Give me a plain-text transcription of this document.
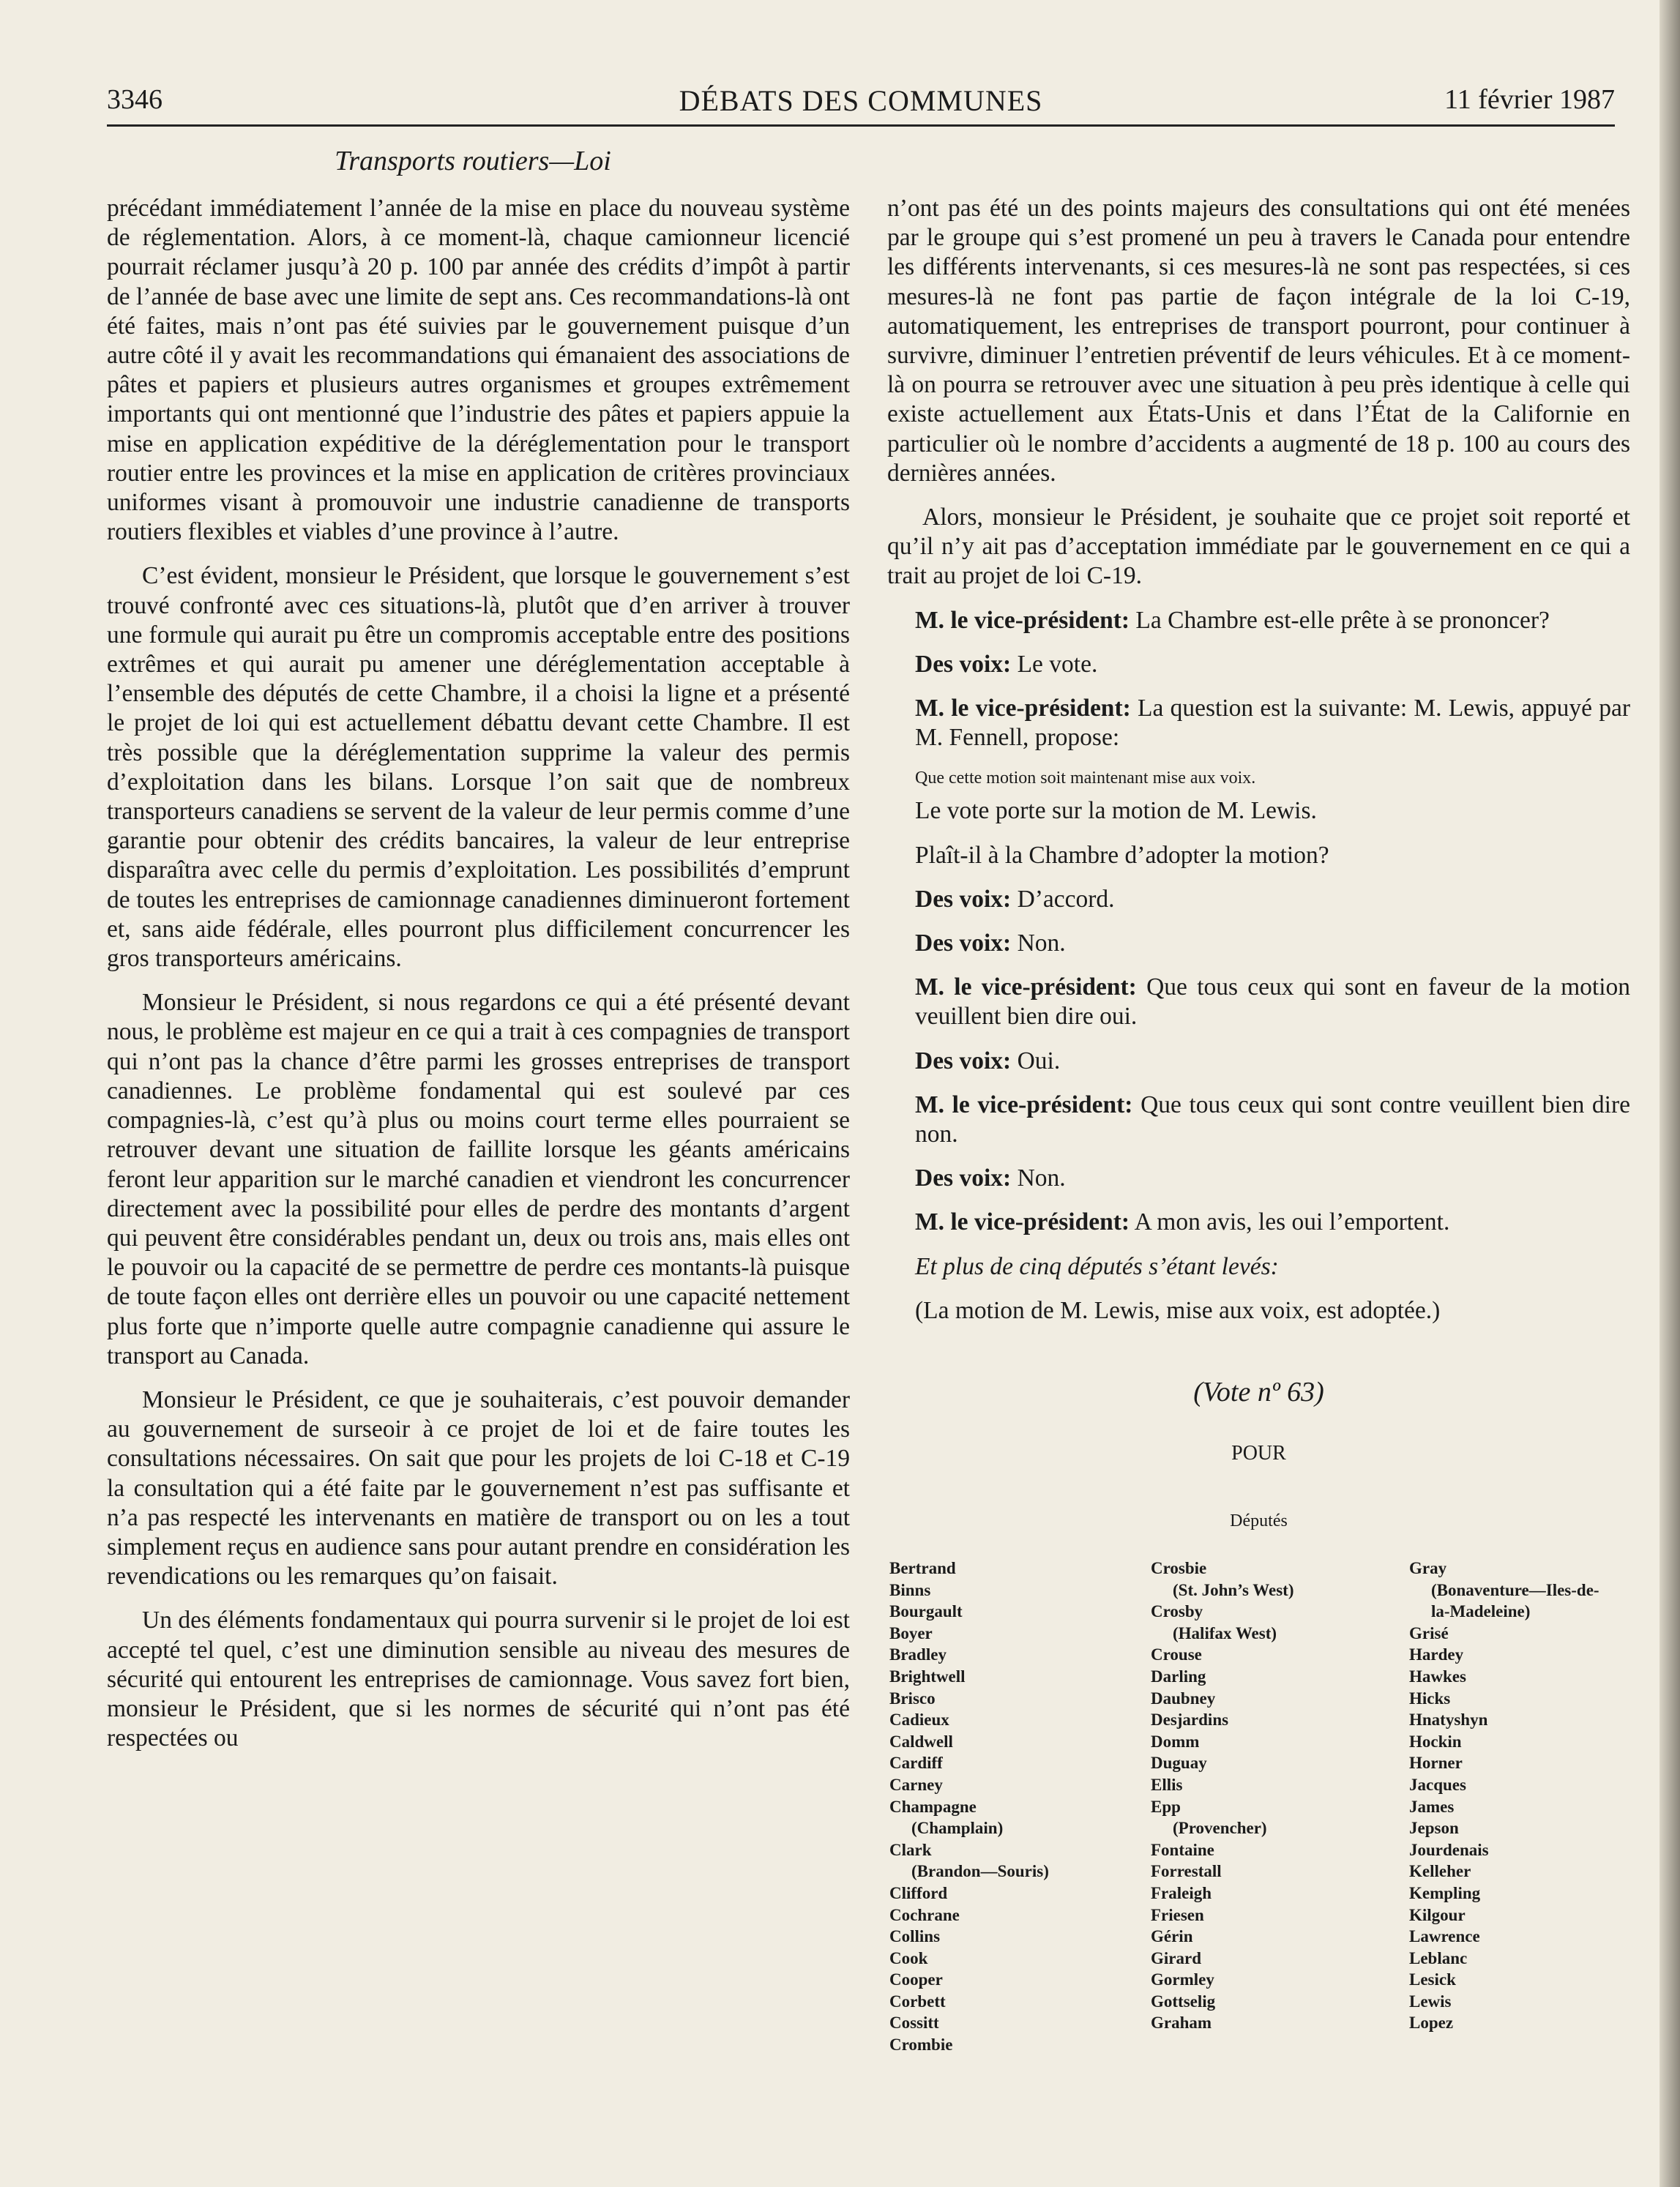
3346	DÉBATS DES COMMUNES	11 février 1987
Transports routiers—Loi

précédant immédiatement l’année de la mise en place du nouveau système de réglementation. Alors, à ce moment-là, chaque camionneur licencié pourrait réclamer jusqu’à 20 p. 100 par année des crédits d’impôt à partir de l’année de base avec une limite de sept ans. Ces recommandations-là ont été faites, mais n’ont pas été suivies par le gouvernement puisque d’un autre côté il y avait les recommandations qui émanaient des associations de pâtes et papiers et plusieurs autres organismes et groupes extrêmement importants qui ont mentionné que l’industrie des pâtes et papiers appuie la mise en application expéditive de la déréglementation pour le transport routier entre les provinces et la mise en application de critères provinciaux uniformes visant à promouvoir une industrie canadienne de transports routiers flexibles et viables d’une province à l’autre.

C’est évident, monsieur le Président, que lorsque le gouvernement s’est trouvé confronté avec ces situations-là, plutôt que d’en arriver à trouver une formule qui aurait pu être un compromis acceptable entre des positions extrêmes et qui aurait pu amener une déréglementation acceptable à l’ensemble des députés de cette Chambre, il a choisi la ligne et a présenté le projet de loi qui est actuellement débattu devant cette Chambre. Il est très possible que la déréglementation supprime la valeur des permis d’exploitation dans les bilans. Lorsque l’on sait que de nombreux transporteurs canadiens se servent de la valeur de leur permis comme d’une garantie pour obtenir des crédits bancaires, la valeur de leur entreprise disparaîtra avec celle du permis d’exploitation. Les possibilités d’emprunt de toutes les entreprises de camionnage canadiennes diminueront fortement et, sans aide fédérale, elles pourront plus difficilement concurrencer les gros transporteurs américains.

Monsieur le Président, si nous regardons ce qui a été présenté devant nous, le problème est majeur en ce qui a trait à ces compagnies de transport qui n’ont pas la chance d’être parmi les grosses entreprises de transport canadiennes. Le problème fondamental qui est soulevé par ces compagnies-là, c’est qu’à plus ou moins court terme elles pourraient se retrouver devant une situation de faillite lorsque les géants américains feront leur apparition sur le marché canadien et viendront les concurrencer directement avec la possibilité pour elles de perdre des montants d’argent qui peuvent être considérables pendant un, deux ou trois ans, mais elles ont le pouvoir ou la capacité de se permettre de perdre ces montants-là puisque de toute façon elles ont derrière elles un pouvoir ou une capacité nettement plus forte que n’importe quelle autre compagnie canadienne qui assure le transport au Canada.

Monsieur le Président, ce que je souhaiterais, c’est pouvoir demander au gouvernement de surseoir à ce projet de loi et de faire toutes les consultations nécessaires. On sait que pour les projets de loi C-18 et C-19 la consultation qui a été faite par le gouvernement n’est pas suffisante et n’a pas respecté les intervenants en matière de transport ou on les a tout simplement reçus en audience sans pour autant prendre en considération les revendications ou les remarques qu’on faisait.

Un des éléments fondamentaux qui pourra survenir si le projet de loi est accepté tel quel, c’est une diminution sensible au niveau des mesures de sécurité qui entourent les entreprises de camionnage. Vous savez fort bien, monsieur le Président, que si les normes de sécurité qui n’ont pas été respectées ou

n’ont pas été un des points majeurs des consultations qui ont été menées par le groupe qui s’est promené un peu à travers le Canada pour entendre les différents intervenants, si ces mesures-là ne sont pas respectées, si ces mesures-là ne font pas partie de façon intégrale de la loi C-19, automatiquement, les entreprises de transport pourront, pour continuer à survivre, diminuer l’entretien préventif de leurs véhicules. Et à ce moment-là on pourra se retrouver avec une situation à peu près identique à celle qui existe actuellement aux États-Unis et dans l’État de la Californie en particulier où le nombre d’accidents a augmenté de 18 p. 100 au cours des dernières années.

Alors, monsieur le Président, je souhaite que ce projet soit reporté et qu’il n’y ait pas d’acceptation immédiate par le gouvernement en ce qui a trait au projet de loi C-19.

M. le vice-président: La Chambre est-elle prête à se prononcer?

Des voix: Le vote.

M. le vice-président: La question est la suivante: M. Lewis, appuyé par M. Fennell, propose:

Que cette motion soit maintenant mise aux voix.

Le vote porte sur la motion de M. Lewis.

Plaît-il à la Chambre d’adopter la motion?

Des voix: D’accord.

Des voix: Non.

M. le vice-président: Que tous ceux qui sont en faveur de la motion veuillent bien dire oui.

Des voix: Oui.

M. le vice-président: Que tous ceux qui sont contre veuillent bien dire non.

Des voix: Non.

M. le vice-président: A mon avis, les oui l’emportent.

Et plus de cinq députés s’étant levés:

(La motion de M. Lewis, mise aux voix, est adoptée.)

(Vote nº 63)
POUR
Députés
Bertrand
Binns
Bourgault
Boyer
Bradley
Brightwell
Brisco
Cadieux
Caldwell
Cardiff
Carney
Champagne
(Champlain)
Clark
(Brandon—Souris)
Clifford
Cochrane
Collins
Cook
Cooper
Corbett
Cossitt
Crombie
Crosbie
(St. John’s West)
Crosby
(Halifax West)
Crouse
Darling
Daubney
Desjardins
Domm
Duguay
Ellis
Epp
(Provencher)
Fontaine
Forrestall
Fraleigh
Friesen
Gérin
Girard
Gormley
Gottselig
Graham
Gray
(Bonaventure—Iles-de-
la-Madeleine)
Grisé
Hardey
Hawkes
Hicks
Hnatyshyn
Hockin
Horner
Jacques
James
Jepson
Jourdenais
Kelleher
Kempling
Kilgour
Lawrence
Leblanc
Lesick
Lewis
Lopez
